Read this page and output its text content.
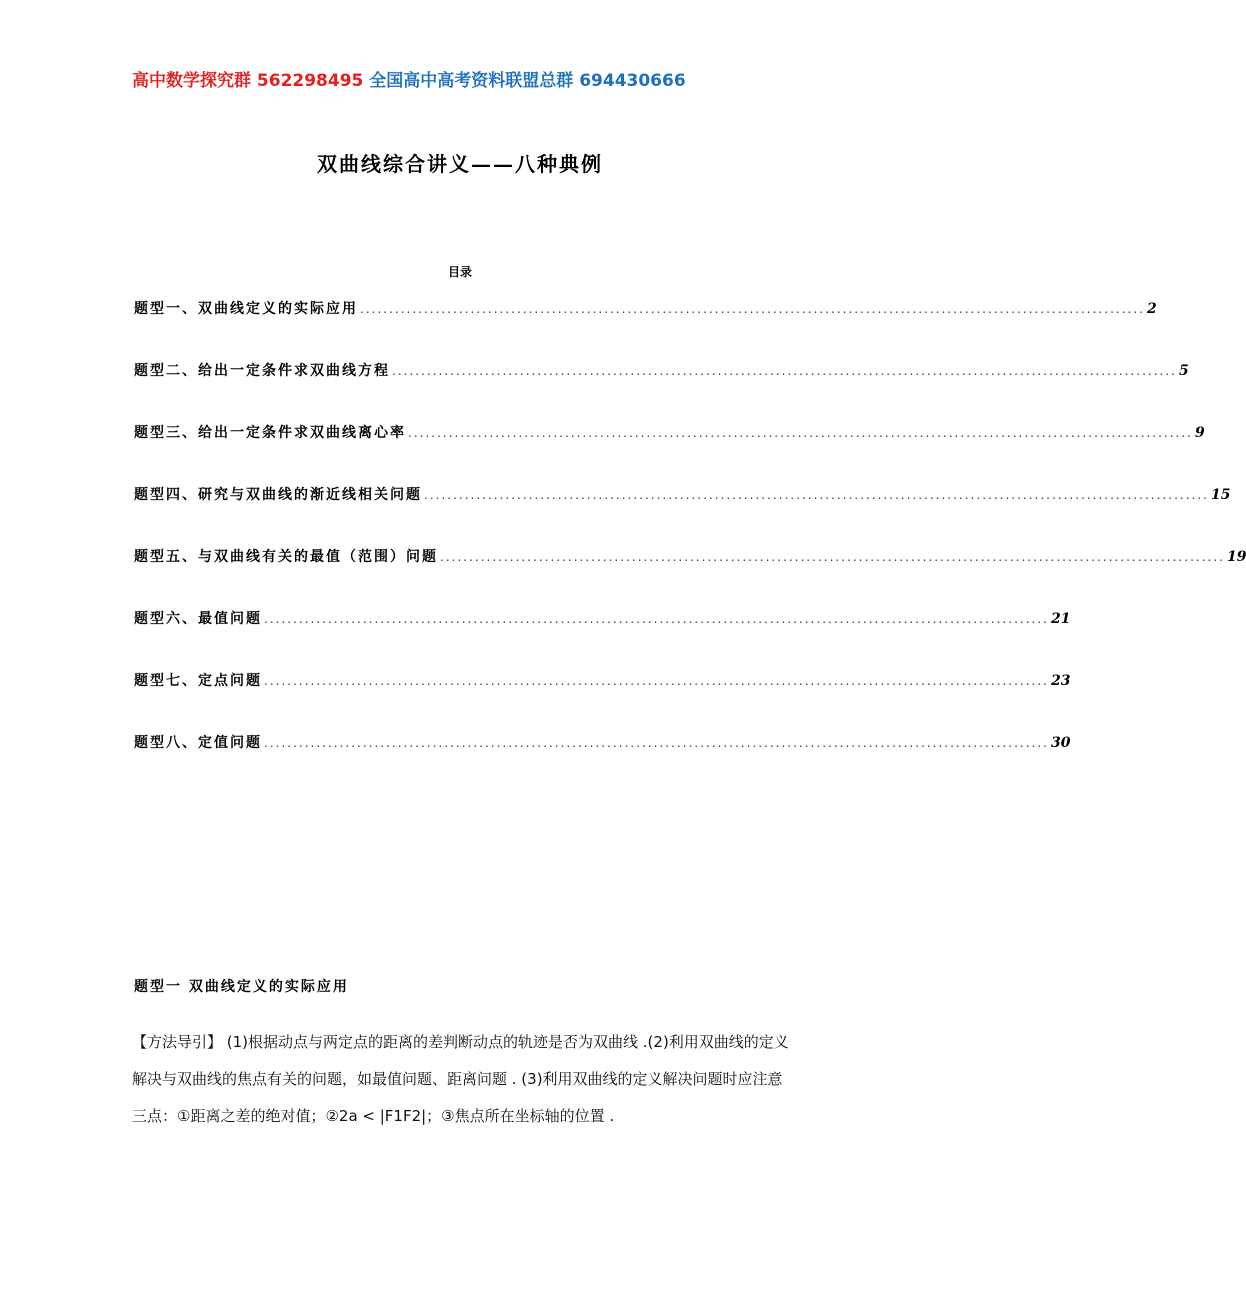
高中数学探究群 562298495 全国高中高考资料联盟总群 694430666
双曲线综合讲义——八种典例
目录
题型一、双曲线定义的实际应用 ....................................................................................................................................... 2
题型二、给出一定条件求双曲线方程 ....................................................................................................................................... 5
题型三、给出一定条件求双曲线离心率 ....................................................................................................................................... 9
题型四、研究与双曲线的渐近线相关问题 ....................................................................................................................................... 15
题型五、与双曲线有关的最值（范围）问题 ....................................................................................................................................... 19
题型六、最值问题 ....................................................................................................................................... 21
题型七、定点问题 ....................................................................................................................................... 23
题型八、定值问题 ....................................................................................................................................... 30
题型一 双曲线定义的实际应用
【方法导引】 (1)根据动点与两定点的距离的差判断动点的轨迹是否为双曲线 .(2)利用双曲线的定义解决与双曲线的焦点有关的问题，如最值问题、距离问题 . (3)利用双曲线的定义解决问题时应注意三点：①距离之差的绝对值；②2a < |F1F2|；③焦点所在坐标轴的位置 .
